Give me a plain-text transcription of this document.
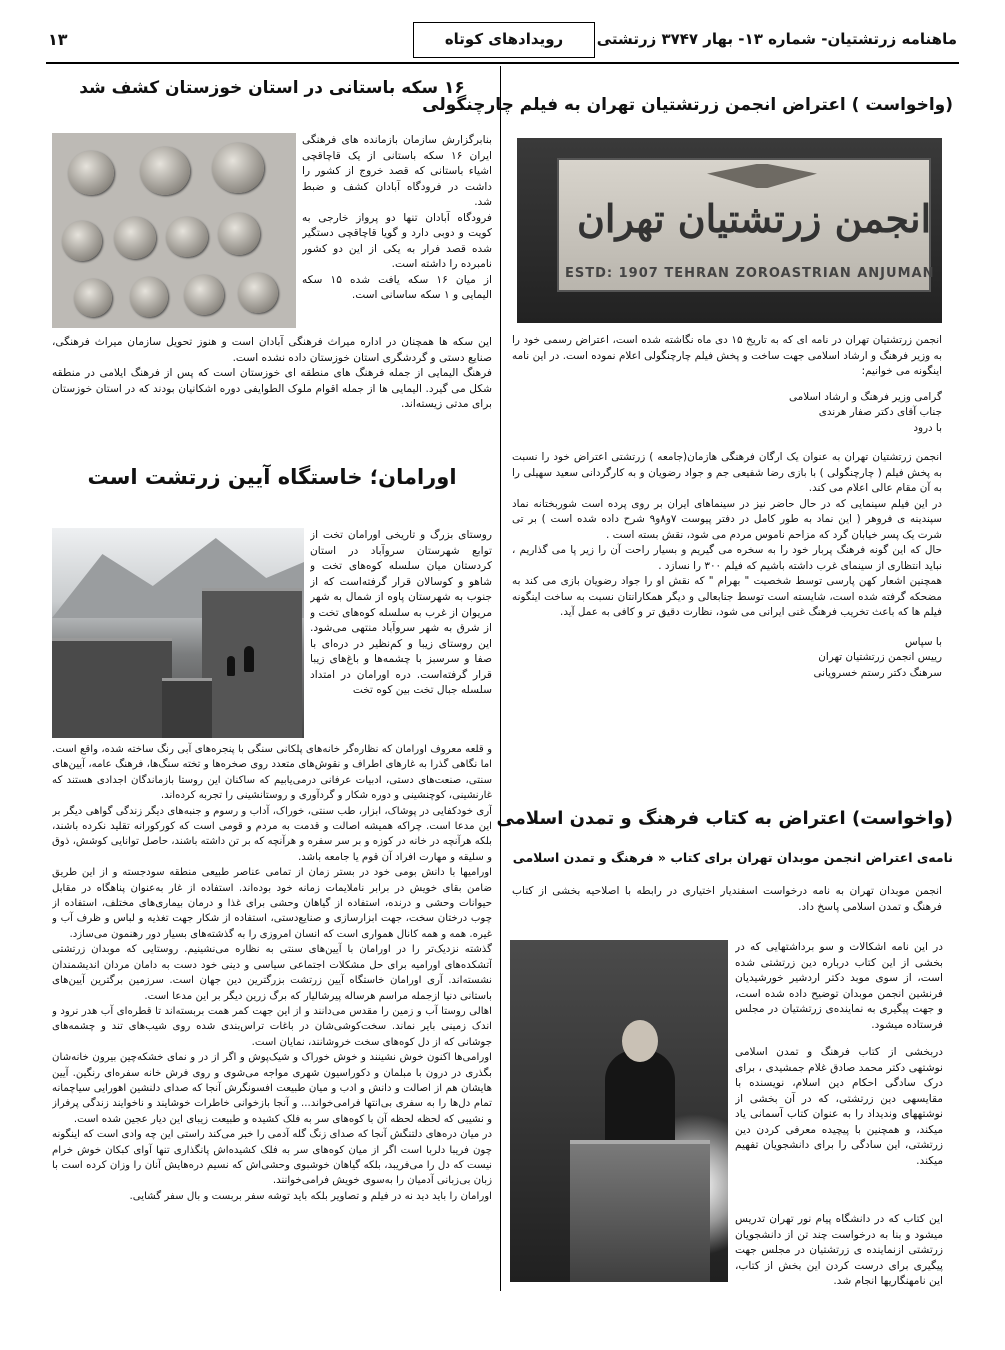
ماهنامه زرتشتیان- شماره ۱۳- بهار ۳۷۴۷ زرتشتی
رویدادهای کوتاه
۱۳
(واخواست ) اعتراض انجمن زرتشتیان تهران به فیلم چارچنگولی
انجمن زرتشتیان تهران
ESTD: 1907 TEHRAN ZOROASTRIAN ANJUMAN

انجمن زرتشتیان تهران در نامه ای که به تاریخ ۱۵ دی ماه نگاشته شده است، اعتراض رسمی خود را به وزیر فرهنگ و ارشاد اسلامی جهت ساخت و پخش فیلم چارچنگولی اعلام نموده است. در این نامه اینگونه می خوانیم:

گرامی وزیر فرهنگ و ارشاد اسلامی

جناب آقای دکتر صفار هرندی

با درود

انجمن زرتشتیان تهران به عنوان یک ارگان فرهنگی هازمان(جامعه ) زرتشتی اعتراض خود را نسبت به پخش فیلم ( چارچنگولی ) با بازی رضا شفیعی جم و جواد رضویان و به کارگردانی سعید سهیلی را به آن مقام عالی اعلام می کند.

در این فیلم سینمایی که در حال حاضر نیز در سینماهای ایران بر روی پرده است شوربختانه نماد سپندینه ی فروهر ( این نماد به طور کامل در دفتر پیوست ۷و۸و۹ شرح داده شده است ) بر تی شرت یک پسر خیابان گرد که مزاحم ناموس مردم می شود، نقش بسته است .

حال که این گونه فرهنگ پربار خود را به سخره می گیریم و بسیار راحت آن را زیر پا می گذاریم ، نباید انتظاری از سینمای غرب داشته باشیم که فیلم ۳۰۰ را نسازد .

همچنین اشعار کهن پارسی توسط شخصیت " بهرام " که نقش او را جواد رضویان بازی می کند به مضحکه گرفته شده است، شایسته است توسط جنابعالی و دیگر همکارانتان نسبت به ساخت اینگونه فیلم ها که باعث تخریب فرهنگ غنی ایرانی می شود، نظارت دقیق تر و کافی به عمل آید.

با سپاس

رییس انجمن زرتشتیان تهران

سرهنگ دکتر رستم خسرویانی

(واخواست) اعتراض به کتاب فرهنگ و تمدن اسلامی
نامه‌ی اعتراض انجمن موبدان تهران برای کتاب « فرهنگ و تمدن اسلامی
انجمن موبدان تهران به نامه درخواست اسفندیار اختیاری در رابطه با اصلاحیه بخشی از کتاب فرهنگ و تمدن اسلامی پاسخ داد.

در این نامه اشکالات و سو برداشتهایی که در بخشی از این کتاب درباره دین زرتشتی شده است، از سوی موبد دکتر اردشیر خورشیدیان فرنشین انجمن موبدان توضیح داده شده است، و جهت پیگیری به نماینده‌ی زرتشتیان در مجلس فرستاده میشود.

دربخشی از کتاب فرهنگ و تمدن اسلامی نوشتهی دکتر محمد صادق غلام جمشیدی ، برای درک سادگی احکام دین اسلام، نویسنده با مقایسهی دین زرتشتی، که در آن بخشی از نوشتههای وندیداد را به عنوان کتاب آسمانی یاد میکند، و همچنین با پیچیده معرفی کردن دین زرتشتی، این سادگی را برای دانشجویان تفهیم میکند.

این کتاب که در دانشگاه پیام نور تهران تدریس میشود و بنا به درخواست چند تن از دانشجویان زرتشتی ازنماینده ی زرتشتیان در مجلس جهت پیگیری برای درست کردن این بخش از کتاب، این نامهنگاریها انجام شد.
۱۶ سکه باستانی در استان خوزستان کشف شد

بنابرگزارش سازمان بازمانده های فرهنگی ایران ۱۶ سکه باستانی از یک قاچاقچی اشیاء باستانی که قصد خروج از کشور را داشت در فرودگاه آبادان کشف و ضبط شد.

فرودگاه آبادان تنها دو پرواز خارجی به کویت و دوبی دارد و گویا قاچاقچی دستگیر شده قصد فرار به یکی از این دو کشور نامبرده را داشته است.

از میان ۱۶ سکه یافت شده ۱۵ سکه الیمایی و ۱ سکه ساسانی است.

این سکه ها همچنان در اداره میراث فرهنگی آبادان است و هنوز تحویل سازمان میراث فرهنگی، صنایع دستی و گردشگری استان خوزستان داده نشده است.

فرهنگ الیمایی از جمله فرهنگ های منطقه ای خوزستان است که پس از فرهنگ ایلامی در منطقه شکل می گیرد. الیمایی ها از جمله اقوام ملوک الطوایفی دوره اشکانیان بودند که در استان خوزستان برای مدتی زیسته‌اند.

اورامان؛ خاستگاه آیین زرتشت است

روستای بزرگ و تاریخی اورامان تخت از توابع شهرستان سروآباد در استان کردستان میان سلسله کوه‌های تخت و شاهو و کوسالان قرار گرفته‌است که از جنوب به شهرستان پاوه از شمال به شهر مریوان از غرب به سلسله کوه‌های تخت و از شرق به شهر سروآباد منتهی می‌شود. این روستای زیبا و کم‌نظیر در دره‌ای با صفا و سرسبز با چشمه‌ها و باغ‌های زیبا قرار گرفته‌است. دره اورامان در امتداد سلسله جبال تخت بین کوه تخت

و قلعه معروف اورامان که نظاره‌گر خانه‌های پلکانی سنگی با پنجره‌های آبی رنگ ساخته شده، واقع است. اما نگاهی گذرا به غارهای اطراف و نقوش‌های متعدد روی صخره‌ها و تخته سنگ‌ها، فرهنگ عامه، آیین‌های سنتی، صنعت‌های دستی، ادبیات عرفانی درمی‌یابیم که ساکنان این روستا بازماندگان اجدادی هستند که غارنشینی، کوچنشینی و دوره شکار و گردآوری و روستانشینی را تجربه کرده‌اند.

آری خودکفایی در پوشاک، ابزار، طب سنتی، خوراک، آداب و رسوم و جنبه‌های دیگر زندگی گواهی دیگر بر این مدعا است. چراکه همیشه اصالت و قدمت به مردم و قومی است که کورکورانه تقلید نکرده باشند، بلکه هرآنچه در خانه در کوزه و بر سر سفره و هرآنچه که بر تن داشته باشند، حاصل توانایی کوشش، ذوق و سلیقه و مهارت افراد آن قوم یا جامعه باشد.

اورامیها با دانش بومی خود در بستر زمان از تمامی عناصر طبیعی منطقه سودجسته و از این طریق ضامن بقای خویش در برابر ناملایمات زمانه خود بوده‌اند. استفاده از غار به‌عنوان پناهگاه در مقابل حیوانات وحشی و درنده، استفاده از گیاهان وحشی برای غذا و درمان بیماری‌های مختلف، استفاده از چوب درختان سخت، جهت ابزارسازی و صنایع‌دستی، استفاده از شکار جهت تغذیه و لباس و ظرف آب و غیره. همه و همه کانال همواری است که انسان امروزی را به گذشته‌های بسیار دور رهنمون می‌سازد.

گذشته نزدیک‌تر را در اورامان با آیین‌های سنتی به نظاره می‌نشینیم. روستایی که موبدان زرتشتی آتشکده‌های اورامیه برای حل مشکلات اجتماعی سیاسی و دینی خود دست به دامان مردان اندیشمندان نشسته‌اند. آری اورامان خاستگاه آیین زرتشت بزرگترین دین جهان است. سرزمین برگترین آیین‌های باستانی دنیا ازجمله مراسم هرساله پیرشالیار که برگ زرین دیگر بر این مدعا است.

اهالی روستا آب و زمین را مقدس می‌دانند و از این جهت کمر همت بربسته‌اند تا قطره‌ای آب هدر نرود و اندک زمینی بایر نماند. سخت‌کوشی‌شان در باغات تراس‌بندی شده روی شیب‌های تند و چشمه‌های جوشانی که از دل کوه‌های سخت خروشانند، نمایان است.

اورامی‌ها اکنون خوش نشینند و خوش خوراک و شیک‌پوش و اگر از در و نمای خشکه‌چین بیرون خانه‌شان بگذری در درون با مبلمان و دکوراسیون شهری مواجه می‌شوی و روی فرش خانه سفره‌ای رنگین. آیین هایشان هم از اصالت و دانش و ادب و میان طبیعت افسونگرش آنجا که صدای دلنشین اهورایی سیاچمانه تمام دل‌ها را به سفری بی‌انتها فرامی‌خواند... و آنجا بازخوانی خاطرات خوشایند و ناخوایند زندگی پرفراز و نشیبی که لحظه لحظه آن با کوه‌های سر به فلک کشیده و طبیعت زیبای این دیار عجین شده است.

در میان دره‌های دلتنگش آنجا که صدای زنگ گله آدمی را خبر می‌کند راستی این چه وادی است که اینگونه چون فریبا دلربا است اگر از میان کوه‌های سر به فلک کشیده‌اش پانگذاری تنها آوای کبکان خوش خرام نیست که دل را می‌فریبد، بلکه گیاهان خوشبوی وحشی‌اش که نسیم دره‌هایش آنان را وزان کرده است با زبان بی‌زبانی آدمیان را به‌سوی خویش فرامی‌خوانند.

اورامان را باید دید نه در فیلم و تصاویر بلکه باید توشه سفر بربست و بال سفر گشایی.
